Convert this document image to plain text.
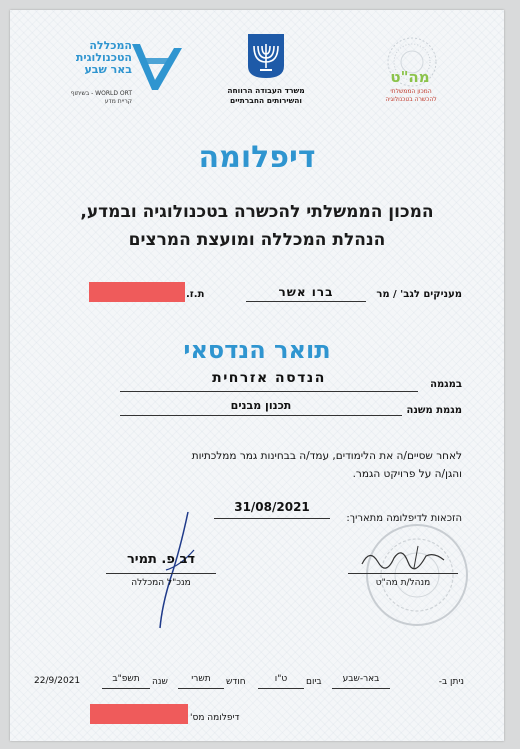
המכללה
הטכנולוגית
באר שבע
WORLD ORT - בשיתוף
קריית מדע
משרד העבודה הרווחה
והשירותים החברתיים
מה"ט
המכון הממשלתי
להכשרה בטכנולוגיה
דיפלומה
המכון הממשלתי להכשרה בטכנולוגיה ובמדע,
הנהלת המכללה ומועצת המרצים
מעניקים לגב' / מר
ברו אשר
ת.ז.
תואר הנדסאי
במגמה
הנדסה אזרחית
מגמת משנה
תכנון מבנים
לאחר שסיים/ה את הלימודים, עמד/ה בבחינות גמר ממלכתיות
והגן/ה על פרויקט הגמר.
הזכאות לדיפלומה מתאריך:
31/08/2021
מנהל/ת מה"ט
דב פ. תמיר
מנכ"ל המכללה
ניתן ב-
באר-שבע
ביום
ט"ו
חודש
תשרי
שנה
תשפ"ב
22/9/2021
דיפלומה מס'
